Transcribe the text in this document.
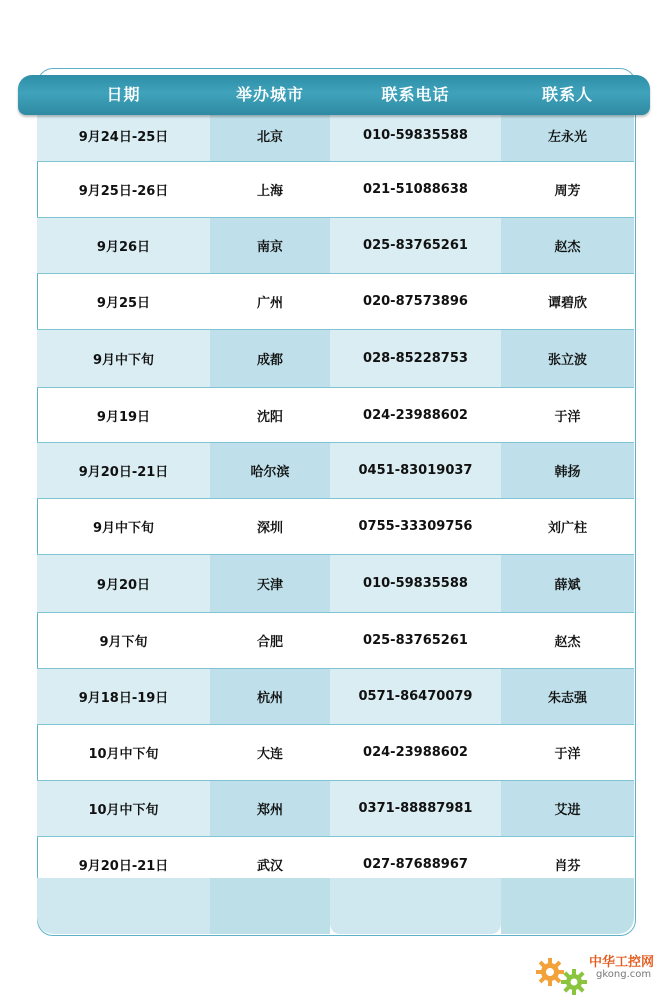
日期	举办城市	联系电话	联系人
9月24日-25日	北京	010-59835588	左永光
9月25日-26日	上海	021-51088638	周芳
9月26日	南京	025-83765261	赵杰
9月25日	广州	020-87573896	谭碧欣
9月中下旬	成都	028-85228753	张立波
9月19日	沈阳	024-23988602	于洋
9月20日-21日	哈尔滨	0451-83019037	韩扬
9月中下旬	深圳	0755-33309756	刘广柱
9月20日	天津	010-59835588	薛斌
9月下旬	合肥	025-83765261	赵杰
9月18日-19日	杭州	0571-86470079	朱志强
10月中下旬	大连	024-23988602	于洋
10月中下旬	郑州	0371-88887981	艾进
9月20日-21日	武汉	027-87688967	肖芬
中华工控网
gkong.com
